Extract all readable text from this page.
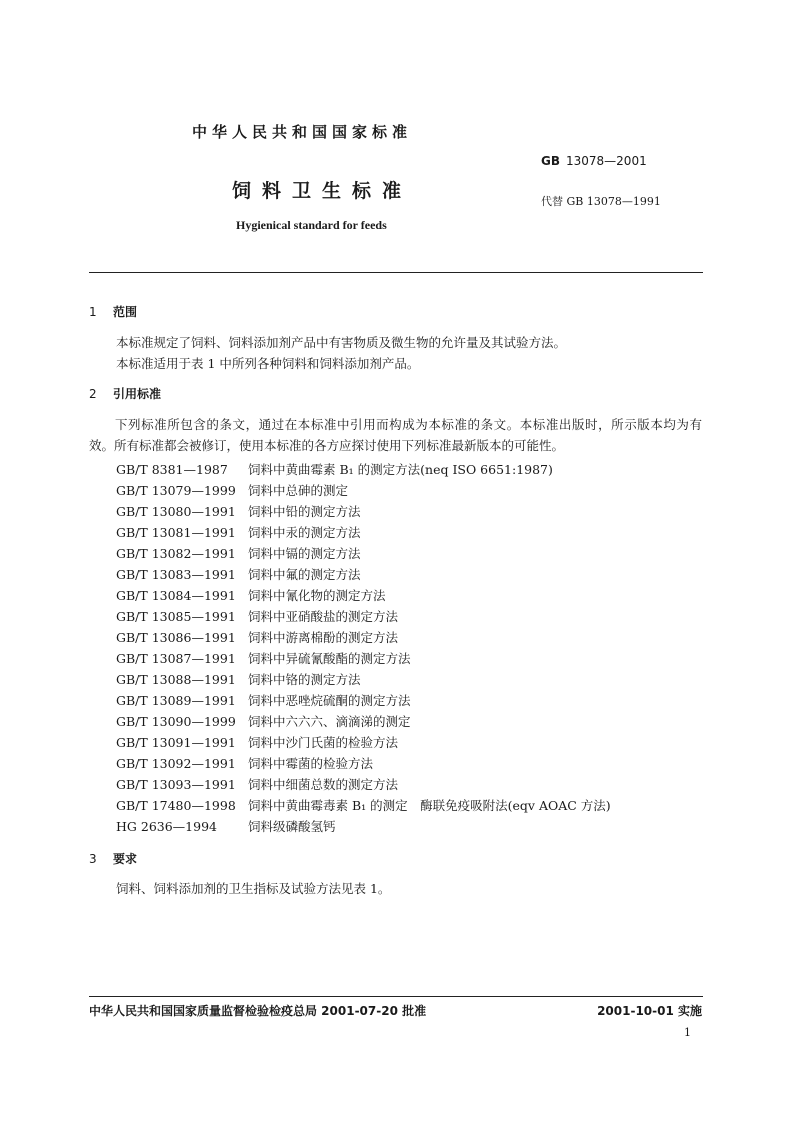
中华人民共和国国家标准
饲料卫生标准
Hygienical standard for feeds
GB 13078—2001
代替 GB 13078—1991
1 范围
本标准规定了饲料、饲料添加剂产品中有害物质及微生物的允许量及其试验方法。
本标准适用于表 1 中所列各种饲料和饲料添加剂产品。
2 引用标准
下列标准所包含的条文，通过在本标准中引用而构成为本标准的条文。本标准出版时，所示版本均为有效。所有标准都会被修订，使用本标准的各方应探讨使用下列标准最新版本的可能性。
GB/T 8381—1987 饲料中黄曲霉素 B₁ 的测定方法(neq ISO 6651:1987)
GB/T 13079—1999 饲料中总砷的测定
GB/T 13080—1991 饲料中铅的测定方法
GB/T 13081—1991 饲料中汞的测定方法
GB/T 13082—1991 饲料中镉的测定方法
GB/T 13083—1991 饲料中氟的测定方法
GB/T 13084—1991 饲料中氰化物的测定方法
GB/T 13085—1991 饲料中亚硝酸盐的测定方法
GB/T 13086—1991 饲料中游离棉酚的测定方法
GB/T 13087—1991 饲料中异硫氰酸酯的测定方法
GB/T 13088—1991 饲料中铬的测定方法
GB/T 13089—1991 饲料中恶唑烷硫酮的测定方法
GB/T 13090—1999 饲料中六六六、滴滴涕的测定
GB/T 13091—1991 饲料中沙门氏菌的检验方法
GB/T 13092—1991 饲料中霉菌的检验方法
GB/T 13093—1991 饲料中细菌总数的测定方法
GB/T 17480—1998 饲料中黄曲霉毒素 B₁ 的测定　酶联免疫吸附法(eqv AOAC 方法)
HG 2636—1994 饲料级磷酸氢钙
3 要求
饲料、饲料添加剂的卫生指标及试验方法见表 1。
中华人民共和国国家质量监督检验检疫总局 2001-07-20 批准	2001-10-01 实施
1
